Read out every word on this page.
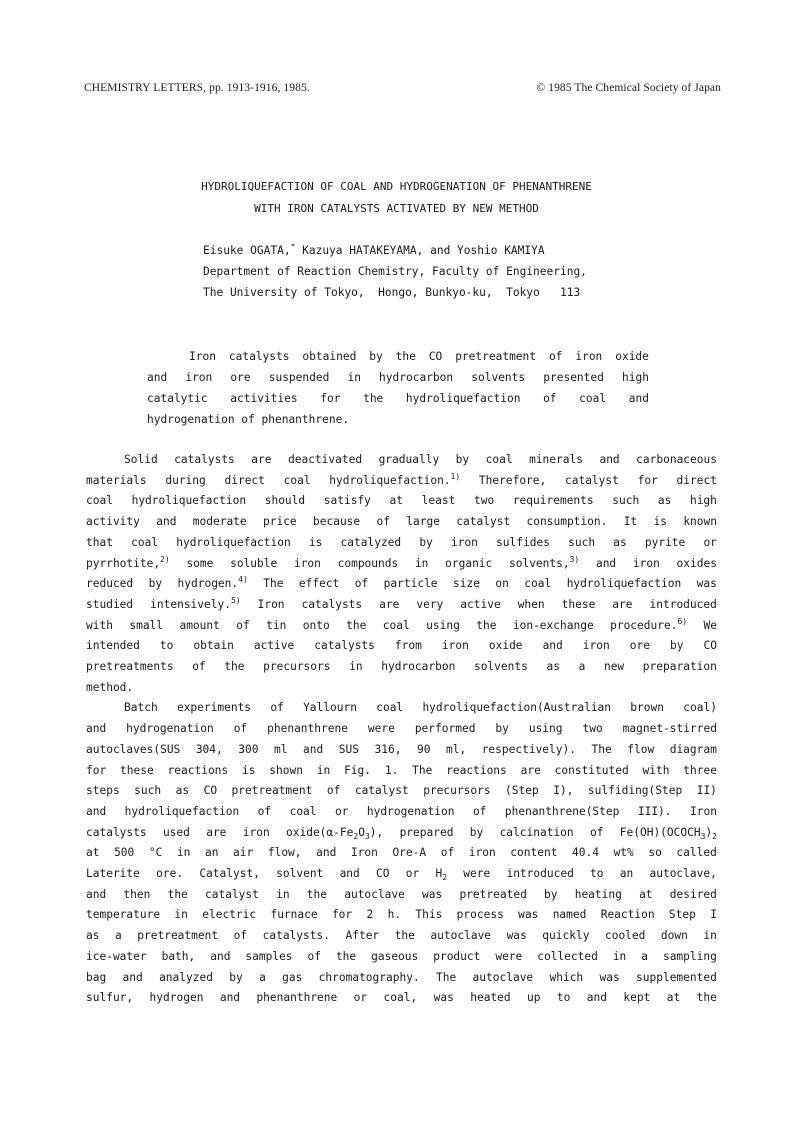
CHEMISTRY LETTERS, pp. 1913-1916, 1985.	© 1985 The Chemical Society of Japan
HYDROLIQUEFACTION OF COAL AND HYDROGENATION OF PHENANTHRENE
WITH IRON CATALYSTS ACTIVATED BY NEW METHOD
Eisuke OGATA,* Kazuya HATAKEYAMA, and Yoshio KAMIYA
Department of Reaction Chemistry, Faculty of Engineering,
The University of Tokyo,  Hongo, Bunkyo-ku,  Tokyo   113
Iron catalysts obtained by the CO pretreatment of iron oxide
and iron ore suspended in hydrocarbon solvents presented high
catalytic activities for the hydroliquefaction of coal and
hydrogenation of phenanthrene.
Solid catalysts are deactivated gradually by coal minerals and carbonaceous
materials during direct coal hydroliquefaction.$^{1)}$ Therefore, catalyst for direct
coal hydroliquefaction should satisfy at least two requirements such as high
activity and moderate price because of large catalyst consumption. It is known
that coal hydroliquefaction is catalyzed by iron sulfides such as pyrite or
pyrrhotite,$^{2)}$ some soluble iron compounds in organic solvents,$^{3)}$ and iron oxides
reduced by hydrogen.$^{4)}$ The effect of particle size on coal hydroliquefaction was
studied intensively.$^{5)}$ Iron catalysts are very active when these are introduced
with small amount of tin onto the coal using the ion-exchange procedure.$^{6)}$ We
intended to obtain active catalysts from iron oxide and iron ore by CO
pretreatments of the precursors in hydrocarbon solvents as a new preparation
method.
Batch experiments of Yallourn coal hydroliquefaction(Australian brown coal)
and hydrogenation of phenanthrene were performed by using two magnet-stirred
autoclaves(SUS 304, 300 ml and SUS 316, 90 ml, respectively). The flow diagram
for these reactions is shown in Fig. 1. The reactions are constituted with three
steps such as CO pretreatment of catalyst precursors (Step I), sulfiding(Step II)
and hydroliquefaction of coal or hydrogenation of phenanthrene(Step III). Iron
catalysts used are iron $oxide(\alpha-Fe_2O_3)$, prepared by calcination of $Fe(OH)(OCOCH_3)_2$
at 500 °C in an air flow, and Iron Ore-A of iron content 40.4 wt% so called
Laterite ore. Catalyst, solvent and CO or $H_2$ were introduced to an autoclave,
and then the catalyst in the autoclave was pretreated by heating at desired
temperature in electric furnace for 2 h. This process was named Reaction Step I
as a pretreatment of catalysts. After the autoclave was quickly cooled down in
ice-water bath, and samples of the gaseous product were collected in a sampling
bag and analyzed by a gas chromatography. The autoclave which was supplemented
sulfur, hydrogen and phenanthrene or coal, was heated up to and kept at the
